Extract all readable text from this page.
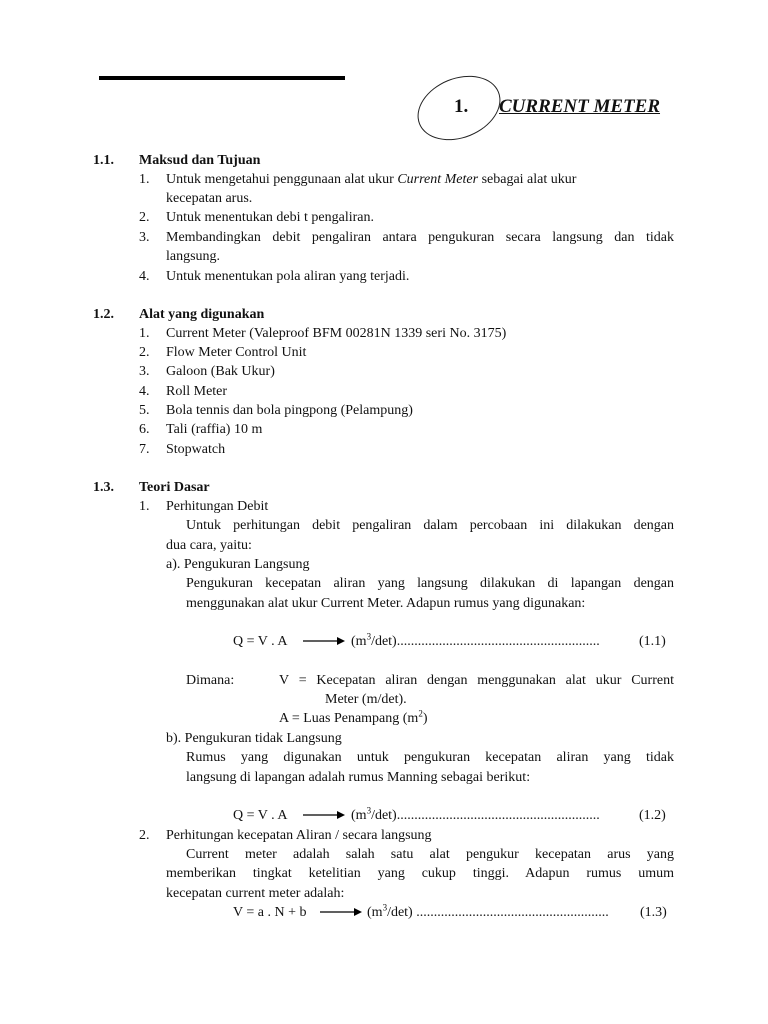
1. CURRENT METER
1.1. Maksud dan Tujuan
1. Untuk mengetahui penggunaan alat ukur Current Meter sebagai alat ukur
kecepatan arus.
2. Untuk menentukan debi t pengaliran.
3. Membandingkan debit pengaliran antara pengukuran secara langsung dan tidak
langsung.
4. Untuk menentukan pola aliran yang terjadi.
1.2. Alat yang digunakan
1. Current Meter (Valeproof BFM 00281N 1339 seri No. 3175)
2. Flow Meter Control Unit
3. Galoon (Bak Ukur)
4. Roll Meter
5. Bola tennis dan bola pingpong (Pelampung)
6. Tali (raffia) 10 m
7. Stopwatch
1.3. Teori Dasar
1. Perhitungan Debit
Untuk perhitungan debit pengaliran dalam percobaan ini dilakukan dengan
dua cara, yaitu:
a). Pengukuran Langsung
Pengukuran kecepatan aliran yang langsung dilakukan di lapangan dengan
menggunakan alat ukur Current Meter. Adapun rumus yang digunakan:
Q = V . A	$(m^3/\det)$..........................................................	(1.1)
Dimana:	V = Kecepatan aliran dengan menggunakan alat ukur Current
Meter (m/det).
A = Luas Penampang $(m^2)$
b). Pengukuran tidak Langsung
Rumus yang digunakan untuk pengukuran kecepatan aliran yang tidak
langsung di lapangan adalah rumus Manning sebagai berikut:
Q = V . A	$(m^3/\det)$..........................................................	(1.2)
2. Perhitungan kecepatan Aliran / secara langsung
Current meter adalah salah satu alat pengukur kecepatan arus yang
memberikan tingkat ketelitian yang cukup tinggi. Adapun rumus umum
kecepatan current meter adalah:
V = a . N + b	$(m^3/\det)$ ....................................................... (1.3)
